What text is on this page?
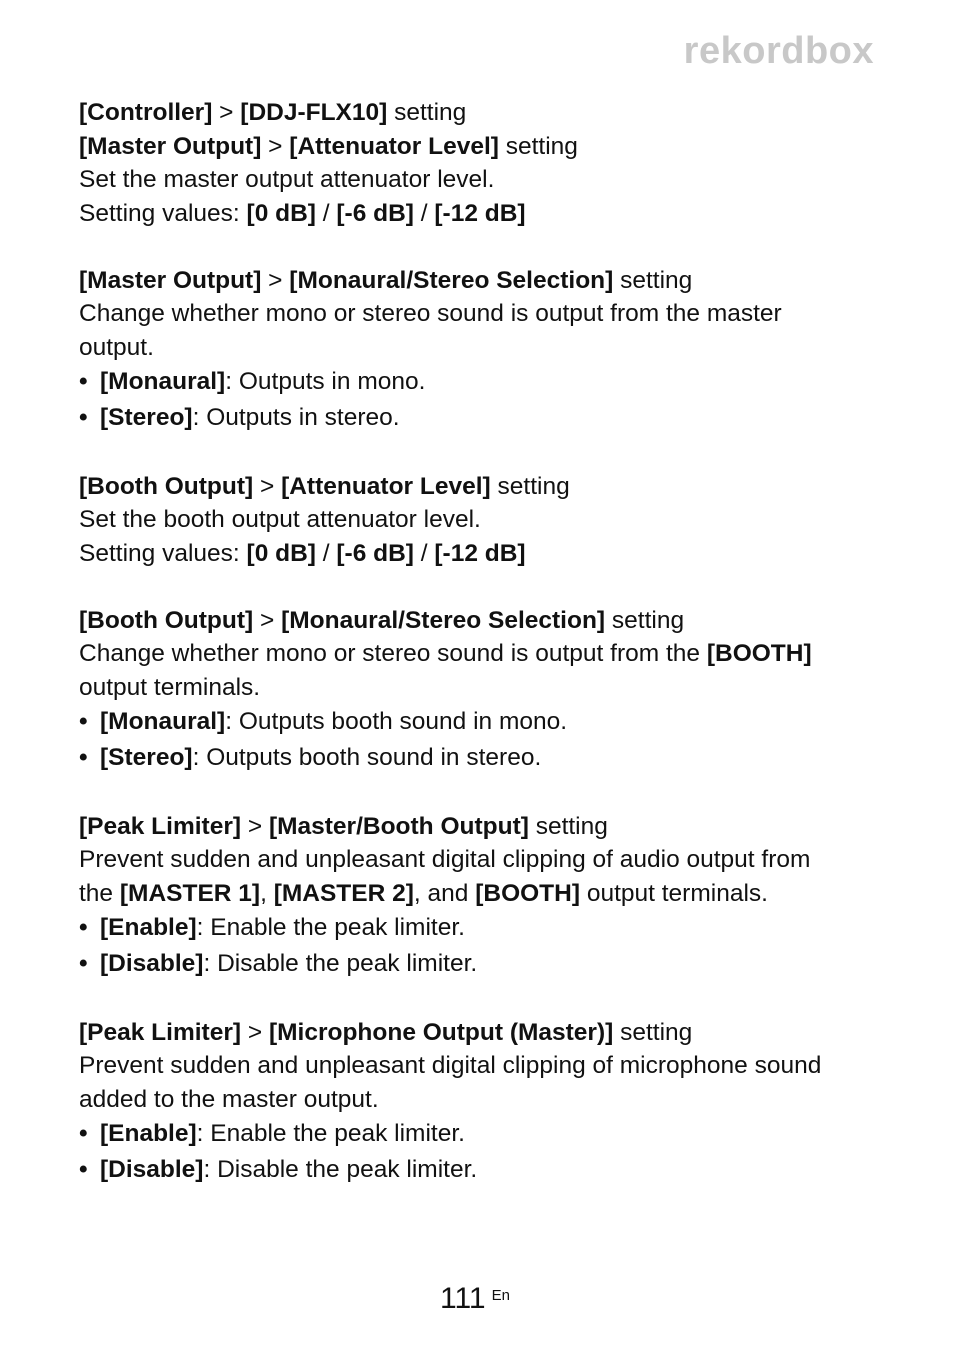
rekordbox
[Controller] > [DDJ-FLX10] setting
[Master Output] > [Attenuator Level] setting
Set the master output attenuator level.
Setting values: [0 dB] / [-6 dB] / [-12 dB]
[Master Output] > [Monaural/Stereo Selection] setting
Change whether mono or stereo sound is output from the master
output.
• [Monaural]: Outputs in mono.
• [Stereo]: Outputs in stereo.
[Booth Output] > [Attenuator Level] setting
Set the booth output attenuator level.
Setting values: [0 dB] / [-6 dB] / [-12 dB]
[Booth Output] > [Monaural/Stereo Selection] setting
Change whether mono or stereo sound is output from the [BOOTH]
output terminals.
• [Monaural]: Outputs booth sound in mono.
• [Stereo]: Outputs booth sound in stereo.
[Peak Limiter] > [Master/Booth Output] setting
Prevent sudden and unpleasant digital clipping of audio output from
the [MASTER 1], [MASTER 2], and [BOOTH] output terminals.
• [Enable]: Enable the peak limiter.
• [Disable]: Disable the peak limiter.
[Peak Limiter] > [Microphone Output (Master)] setting
Prevent sudden and unpleasant digital clipping of microphone sound
added to the master output.
• [Enable]: Enable the peak limiter.
• [Disable]: Disable the peak limiter.
111 $^{En}$
